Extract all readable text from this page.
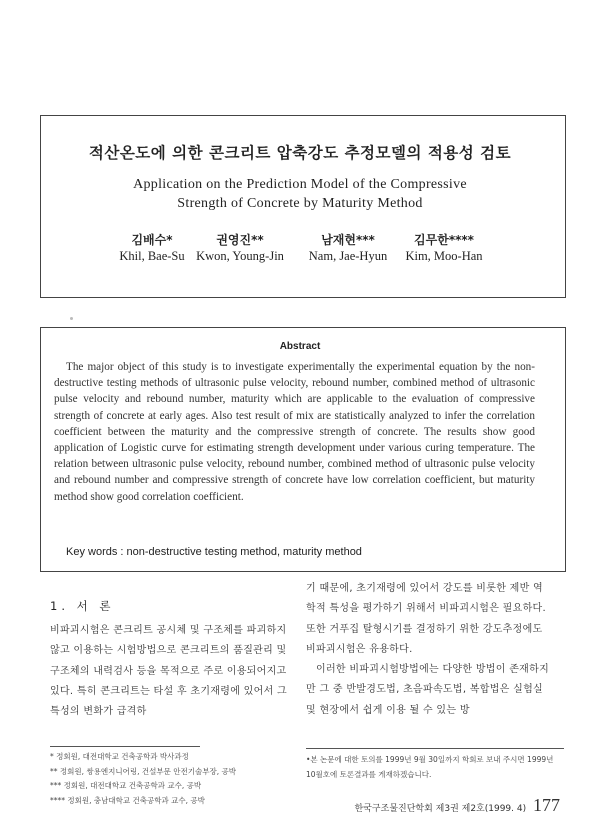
적산온도에 의한 콘크리트 압축강도 추정모델의 적용성 검토
Application on the Prediction Model of the Compressive
Strength of Concrete by Maturity Method
김배수*
Khil, Bae-Su
권영진**
Kwon, Young-Jin
남재현***
Nam, Jae-Hyun
김무한****
Kim, Moo-Han
Abstract
The major object of this study is to investigate experimentally the experimental equation by the non-destructive testing methods of ultrasonic pulse velocity, rebound number, combined method of ultrasonic pulse velocity and rebound number, maturity which are applicable to the evaluation of compressive strength of concrete at early ages. Also test result of mix are statistically analyzed to infer the correlation coefficient between the maturity and the compressive strength of concrete. The results show good application of Logistic curve for estimating strength development under various curing temperature. The relation between ultrasonic pulse velocity, rebound number, combined method of ultrasonic pulse velocity and rebound number and compressive strength of concrete have low correlation coefficient, but maturity method show good correlation coefficient.
Key words : non-destructive testing method, maturity method
1. 서 론
비파괴시험은 콘크리트 공시체 및 구조체를 파괴하지 않고 이용하는 시험방법으로 콘크리트의 품질관리 및 구조체의 내력검사 등을 목적으로 주로 이용되어지고 있다. 특히 콘크리트는 타설 후 초기재령에 있어서 그 특성의 변화가 급격하
기 때문에, 초기재령에 있어서 강도를 비롯한 제반 역학적 특성을 평가하기 위해서 비파괴시험은 필요하다. 또한 거푸집 탈형시기를 결정하기 위한 강도추정에도 비파괴시험은 유용하다.
이러한 비파괴시험방법에는 다양한 방법이 존재하지만 그 중 반발경도법, 초음파속도법, 복합법은 실험실 및 현장에서 쉽게 이용 될 수 있는 방
* 정회원, 대전대학교 건축공학과 박사과정
** 정회원, 쌍용엔지니어링, 건설부문 안전기술부장, 공박
*** 정회원, 대전대학교 건축공학과 교수, 공박
**** 정회원, 충남대학교 건축공학과 교수, 공박
•본 논문에 대한 토의를 1999년 9월 30일까지 학회로 보내 주시면 1999년 10월호에 토론결과를 게재하겠습니다.
한국구조물진단학회 제3권 제2호(1999. 4) 177
